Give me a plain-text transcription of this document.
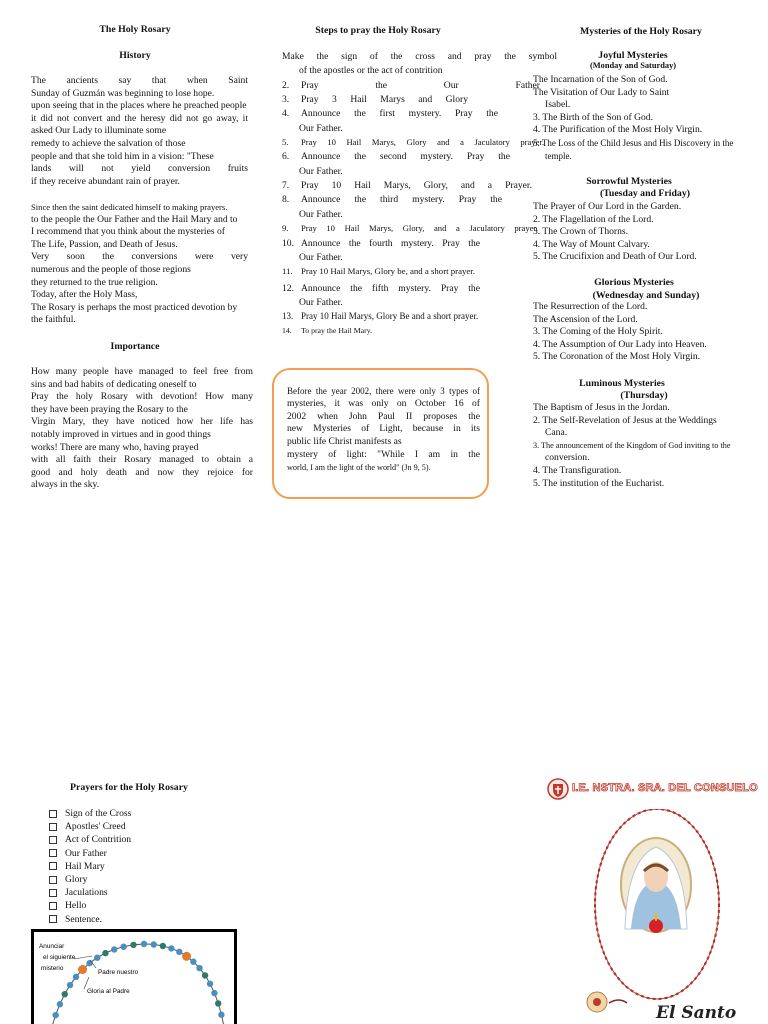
The Holy Rosary
History
The ancients say that when Saint
Sunday of Guzmán was beginning to lose hope.
upon seeing that in the places where he preached people
it did not convert and the heresy did not go away, it
asked Our Lady to illuminate some
remedy to achieve the salvation of those
people and that she told him in a vision: "These
lands will not yield conversion fruits
if they receive abundant rain of prayer.
Since then the saint dedicated himself to making prayers.
to the people the Our Father and the Hail Mary and to
I recommend that you think about the mysteries of
The Life, Passion, and Death of Jesus.
Very soon the conversions were very
numerous and the people of those regions
they returned to the true religion.
Today, after the Holy Mass,
The Rosary is perhaps the most practiced devotion by
the faithful.
Importance
How many people have managed to feel free from
sins and bad habits of dedicating oneself to
Pray the holy Rosary with devotion! How many
they have been praying the Rosary to the
Virgin Mary, they have noticed how her life has
notably improved in virtues and in good things
works! There are many who, having prayed
with all faith their Rosary managed to obtain a
good and holy death and now they rejoice for
always in the sky.
Steps to pray the Holy Rosary
Make the sign of the cross and pray the symbol
of the apostles or the act of contrition
2.	Pray the Our Father
3.	Pray 3 Hail Marys and Glory
4.	Announce the first mystery. Pray the
Our Father.
5.	Pray 10 Hail Marys, Glory and a Jaculatory prayer.
6.	Announce the second mystery. Pray the
Our Father.
7.	Pray 10 Hail Marys, Glory, and a Prayer.
8.	Announce the third mystery. Pray the
Our Father.
9.	Pray 10 Hail Marys, Glory, and a Jaculatory prayer.
10. Announce the fourth mystery. Pray the
Our Father.
11. Pray 10 Hail Marys, Glory be, and a short prayer.
12. Announce the fifth mystery. Pray the
Our Father.
13. Pray 10 Hail Marys, Glory Be and a short prayer.
14.	To pray the Hail Mary.
Before the year 2002, there were only 3 types of
mysteries, it was only on October 16 of
2002 when John Paul II proposes the
new Mysteries of Light, because in its
public life Christ manifests as
mystery of light: "While I am in the
world, I am the light of the world" (Jn 9, 5).
Mysteries of the Holy Rosary
Joyful Mysteries
(Monday and Saturday)
The Incarnation of the Son of God.
The Visitation of Our Lady to Saint
Isabel.
3. The Birth of the Son of God.
4. The Purification of the Most Holy Virgin.
5. The Loss of the Child Jesus and His Discovery in the
temple.
Sorrowful Mysteries
(Tuesday and Friday)
The Prayer of Our Lord in the Garden.
2. The Flagellation of the Lord.
3. The Crown of Thorns.
4. The Way of Mount Calvary.
5. The Crucifixion and Death of Our Lord.
Glorious Mysteries
(Wednesday and Sunday)
The Resurrection of the Lord.
The Ascension of the Lord.
3. The Coming of the Holy Spirit.
4. The Assumption of Our Lady into Heaven.
5. The Coronation of the Most Holy Virgin.
Luminous Mysteries
(Thursday)
The Baptism of Jesus in the Jordan.
2. The Self-Revelation of Jesus at the Weddings
Cana.
3. The announcement of the Kingdom of God inviting to the
conversion.
4. The Transfiguration.
5. The institution of the Eucharist.
Prayers for the Holy Rosary
Sign of the Cross
Apostles' Creed
Act of Contrition
Our Father
Hail Mary
Glory
Jaculations
Hello
Sentence.
Anunciar
el siguiente
misterio
Padre nuestro
Gloria al Padre
I.E. NSTRA. SRA. DEL CONSUELO
El Santo
